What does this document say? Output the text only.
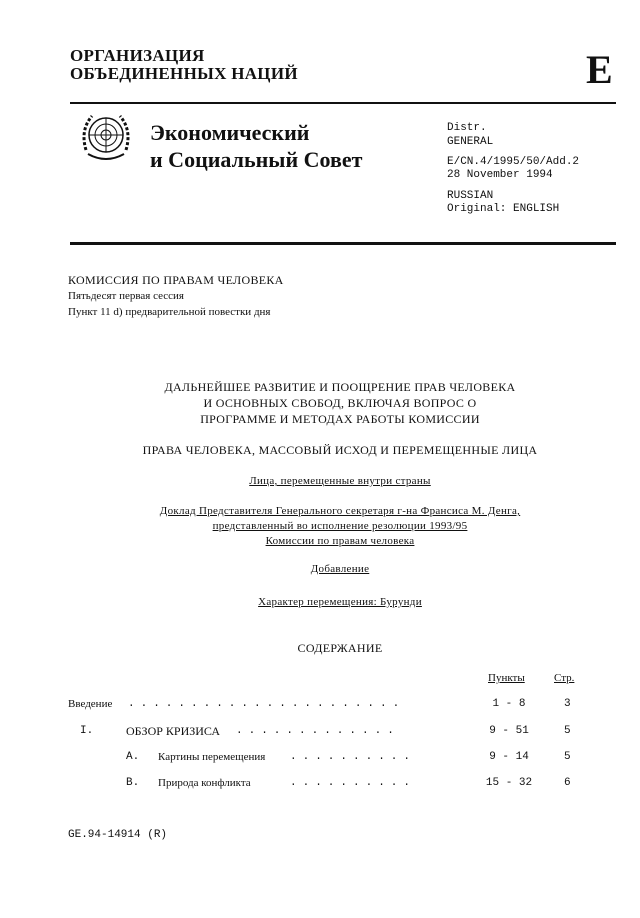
ОРГАНИЗАЦИЯ
ОБЪЕДИНЕННЫХ НАЦИЙ	E
Экономический
и Социальный Совет
Distr.
GENERAL
E/CN.4/1995/50/Add.2
28 November 1994
RUSSIAN
Original: ENGLISH
КОМИССИЯ ПО ПРАВАМ ЧЕЛОВЕКА
Пятьдесят первая сессия
Пункт 11 d) предварительной повестки дня
ДАЛЬНЕЙШЕЕ РАЗВИТИЕ И ПООЩРЕНИЕ ПРАВ ЧЕЛОВЕКА
И ОСНОВНЫХ СВОБОД, ВКЛЮЧАЯ ВОПРОС О
ПРОГРАММЕ И МЕТОДАХ РАБОТЫ КОМИССИИ
ПРАВА ЧЕЛОВЕКА, МАССОВЫЙ ИСХОД И ПЕРЕМЕЩЕННЫЕ ЛИЦА
Лица, перемещенные внутри страны
Доклад Представителя Генерального секретаря г-на Франсиса М. Денга,
представленный во исполнение резолюции 1993/95
Комиссии по правам человека
Добавление
Характер перемещения: Бурунди
СОДЕРЖАНИЕ
Пункты	Стр.
Введение ......................	1 - 8	3
I.	ОБЗОР КРИЗИСА .............	9 - 51	5
A. Картины перемещения ..........	9 - 14	5
B. Природа конфликта	..........	15 - 32	6
GE.94-14914 (R)
